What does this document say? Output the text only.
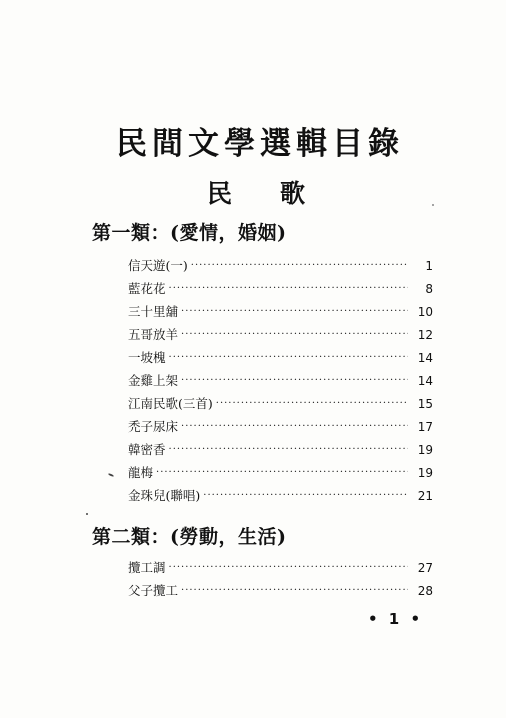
民間文學選輯目錄
民 歌
第一類：(愛情，婚姻)
信天遊(一) ·····	1
藍花花 ·····	8
三十里舖 ·····	10
五哥放羊 ·····	12
一坡槐 ·····	14
金雞上架 ·····	14
江南民歌(三首) ·····	15
禿子尿床 ·····	17
韓密香 ·····	19
龍梅 ·····	19
金珠兒(聯唱) ·····	21
第二類：(勞動，生活)
攬工調 ·····	27
父子攬工 ·····	28
• 1 •
